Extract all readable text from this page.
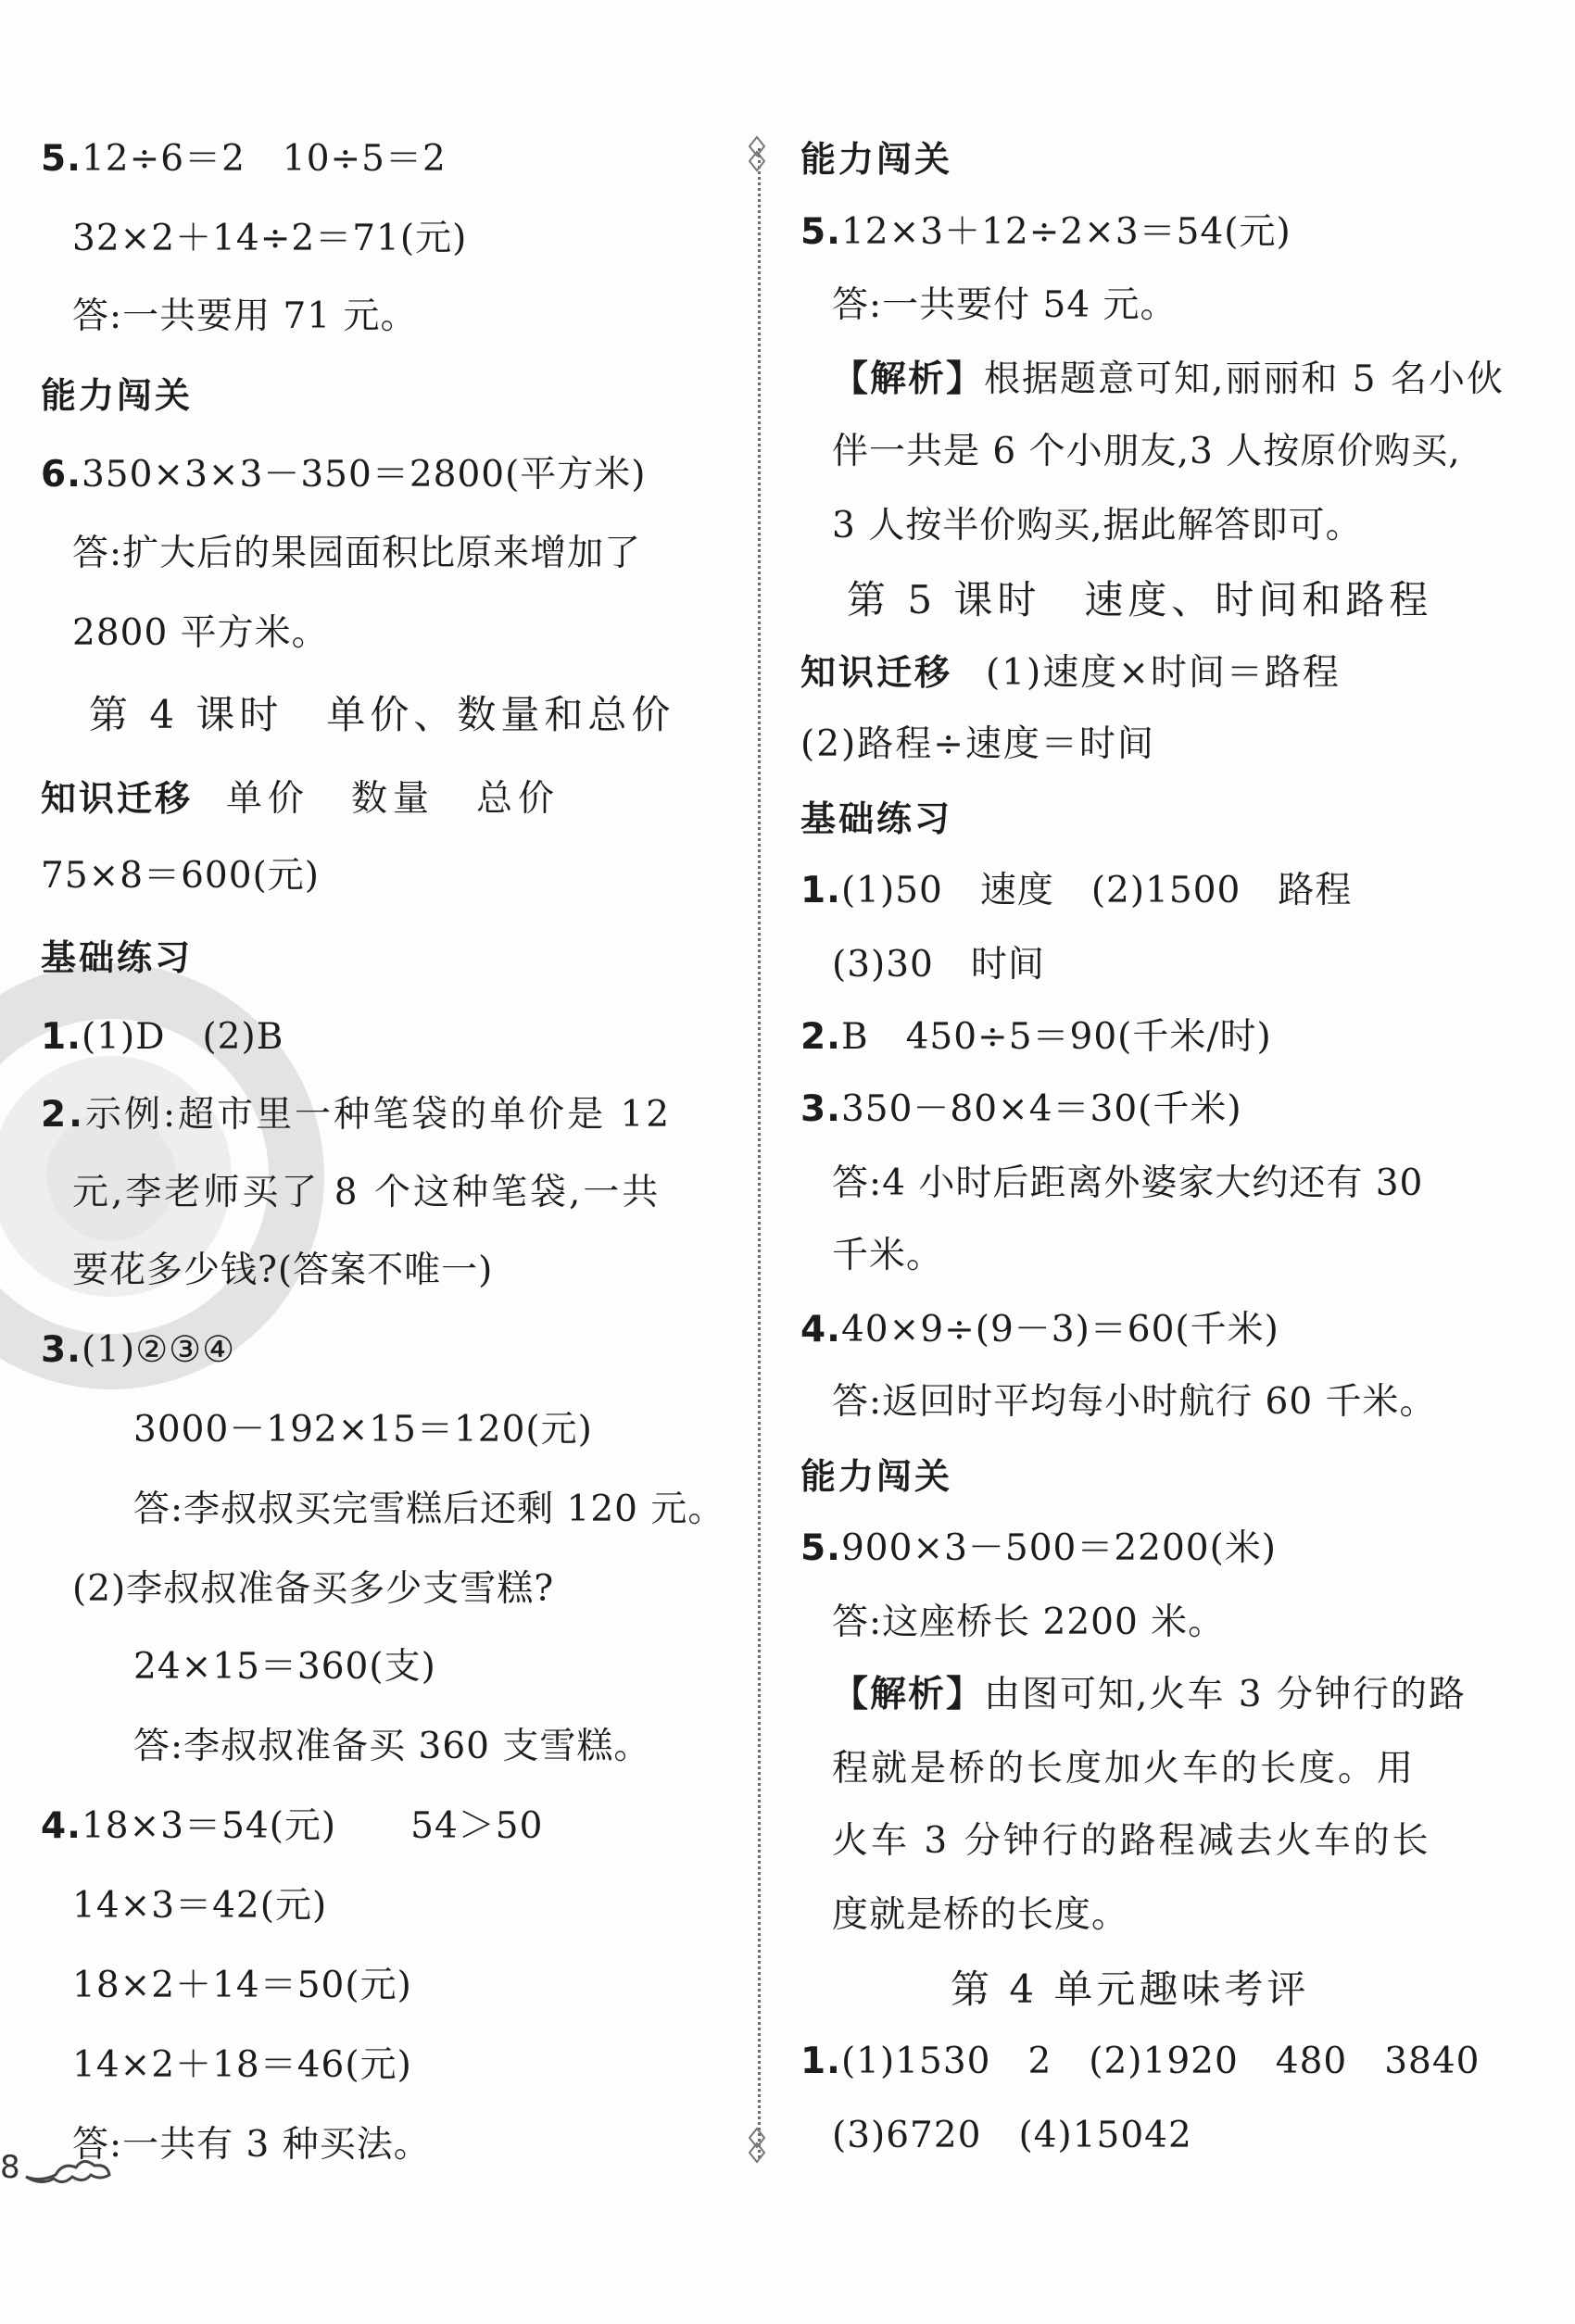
5.12÷6＝2　10÷5＝2
32×2＋14÷2＝71(元)
答:一共要用 71 元。
能力闯关
6.350×3×3－350＝2800(平方米)
答:扩大后的果园面积比原来增加了
2800 平方米。
第 4 课时　单价、数量和总价
知识迁移 单价　数量　总价
75×8＝600(元)
基础练习
1.(1)D　(2)B
2.示例:超市里一种笔袋的单价是 12
元,李老师买了 8 个这种笔袋,一共
要花多少钱?(答案不唯一)
3.(1)②③④
3000－192×15＝120(元)
答:李叔叔买完雪糕后还剩 120 元。
(2)李叔叔准备买多少支雪糕?
24×15＝360(支)
答:李叔叔准备买 360 支雪糕。
4.18×3＝54(元)　　54＞50
14×3＝42(元)
18×2＋14＝50(元)
14×2＋18＝46(元)
答:一共有 3 种买法。
能力闯关
5.12×3＋12÷2×3＝54(元)
答:一共要付 54 元。
【解析】根据题意可知,丽丽和 5 名小伙
伴一共是 6 个小朋友,3 人按原价购买,
3 人按半价购买,据此解答即可。
第 5 课时　速度、时间和路程
知识迁移 (1)速度×时间＝路程
(2)路程÷速度＝时间
基础练习
1.(1)50　速度　(2)1500　路程
(3)30　时间
2.B　450÷5＝90(千米/时)
3.350－80×4＝30(千米)
答:4 小时后距离外婆家大约还有 30
千米。
4.40×9÷(9－3)＝60(千米)
答:返回时平均每小时航行 60 千米。
能力闯关
5.900×3－500＝2200(米)
答:这座桥长 2200 米。
【解析】由图可知,火车 3 分钟行的路
程就是桥的长度加火车的长度。用
火车 3 分钟行的路程减去火车的长
度就是桥的长度。
第 4 单元趣味考评
1.(1)1530　2　(2)1920　480　3840
(3)6720　(4)15042
8
